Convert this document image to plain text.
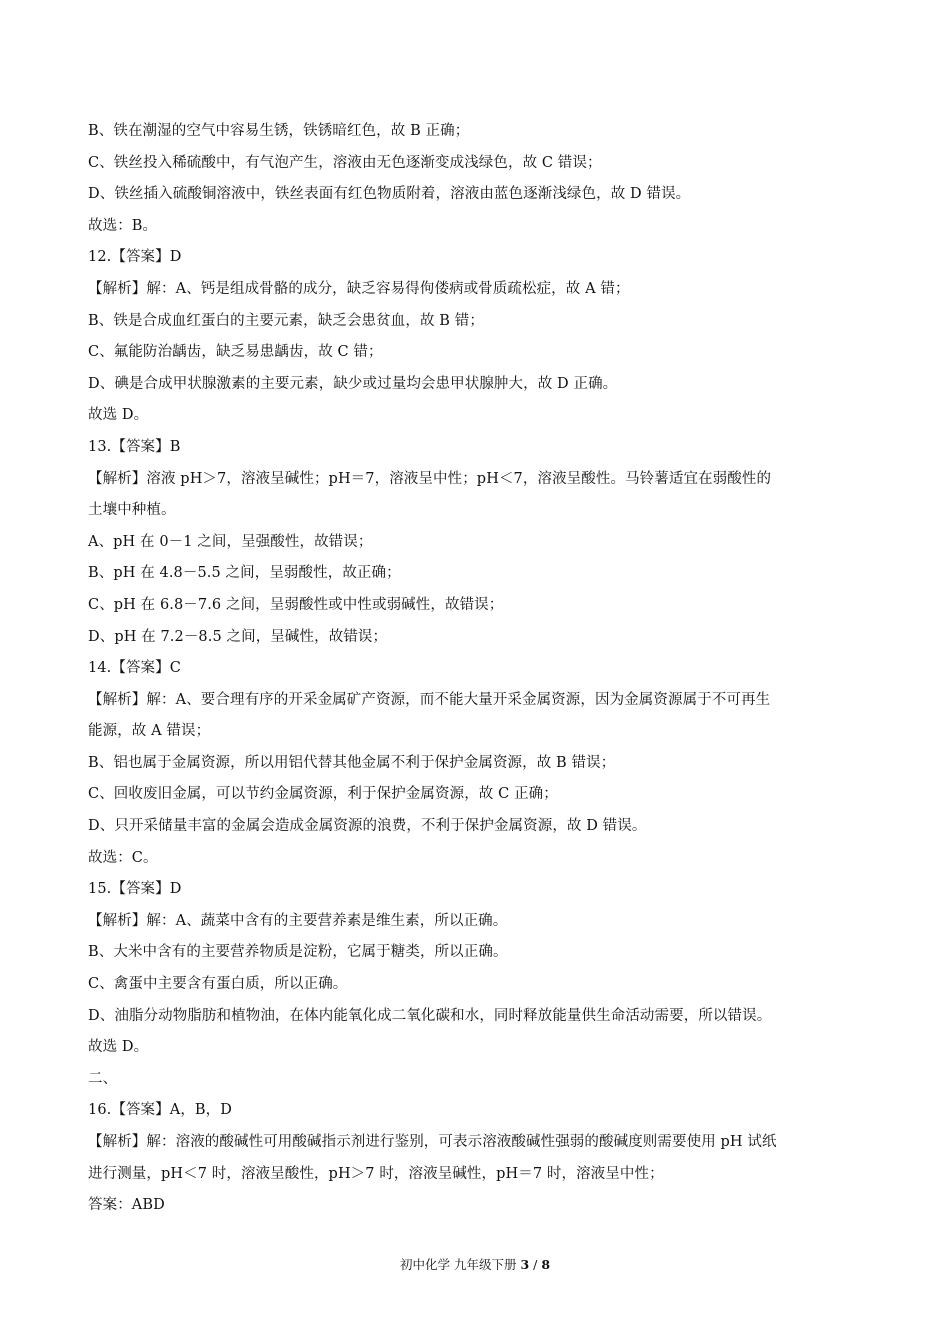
B、铁在潮湿的空气中容易生锈，铁锈暗红色，故 B 正确；
C、铁丝投入稀硫酸中，有气泡产生，溶液由无色逐渐变成浅绿色，故 C 错误；
D、铁丝插入硫酸铜溶液中，铁丝表面有红色物质附着，溶液由蓝色逐渐浅绿色，故 D 错误。
故选：B。
12.【答案】D
【解析】解：A、钙是组成骨骼的成分，缺乏容易得佝偻病或骨质疏松症，故 A 错；
B、铁是合成血红蛋白的主要元素，缺乏会患贫血，故 B 错；
C、氟能防治龋齿，缺乏易患龋齿，故 C 错；
D、碘是合成甲状腺激素的主要元素，缺少或过量均会患甲状腺肿大，故 D 正确。
故选 D。
13.【答案】B
【解析】溶液 pH＞7，溶液呈碱性；pH＝7，溶液呈中性；pH＜7，溶液呈酸性。马铃薯适宜在弱酸性的
土壤中种植。
A、pH 在 0－1 之间，呈强酸性，故错误；
B、pH 在 4.8－5.5 之间，呈弱酸性，故正确；
C、pH 在 6.8－7.6 之间，呈弱酸性或中性或弱碱性，故错误；
D、pH 在 7.2－8.5 之间，呈碱性，故错误；
14.【答案】C
【解析】解：A、要合理有序的开采金属矿产资源，而不能大量开采金属资源，因为金属资源属于不可再生
能源，故 A 错误；
B、铝也属于金属资源，所以用铝代替其他金属不利于保护金属资源，故 B 错误；
C、回收废旧金属，可以节约金属资源，利于保护金属资源，故 C 正确；
D、只开采储量丰富的金属会造成金属资源的浪费，不利于保护金属资源，故 D 错误。
故选：C。
15.【答案】D
【解析】解：A、蔬菜中含有的主要营养素是维生素，所以正确。
B、大米中含有的主要营养物质是淀粉，它属于糖类，所以正确。
C、禽蛋中主要含有蛋白质，所以正确。
D、油脂分动物脂肪和植物油，在体内能氧化成二氧化碳和水，同时释放能量供生命活动需要，所以错误。
故选 D。
二、
16.【答案】A，B，D
【解析】解：溶液的酸碱性可用酸碱指示剂进行鉴别，可表示溶液酸碱性强弱的酸碱度则需要使用 pH 试纸
进行测量，pH＜7 时，溶液呈酸性，pH＞7 时，溶液呈碱性，pH＝7 时，溶液呈中性；
答案：ABD
初中化学 九年级下册 3 / 8
